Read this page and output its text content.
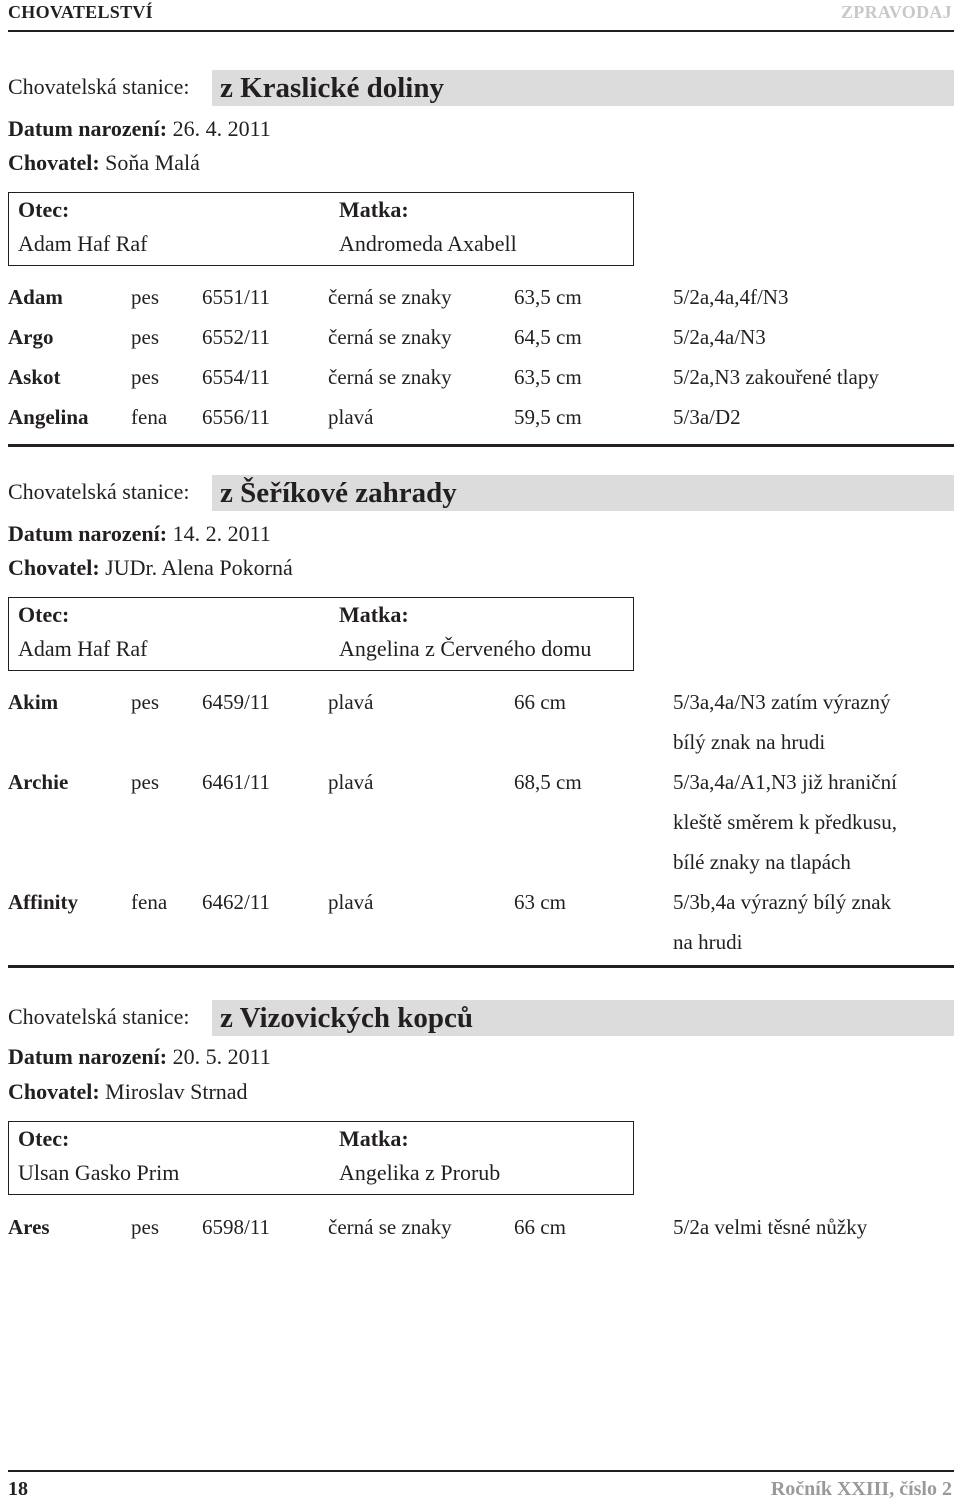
CHOVATELSTVÍ	ZPRAVODAJ
Chovatelská stanice: z Kraslické doliny
Datum narození: 26. 4. 2011
Chovatel: Soňa Malá
Otec:	Matka:
Adam Haf Raf	Andromeda Axabell
Adam	pes 6551/11	černá se znaky	63,5 cm	5/2a,4a,4f/N3
Argo	pes 6552/11	černá se znaky	64,5 cm	5/2a,4a/N3
Askot	pes 6554/11	černá se znaky	63,5 cm	5/2a,N3 zakouřené tlapy
Angelina fena 6556/11	plavá	59,5 cm	5/3a/D2
Chovatelská stanice: z Šeříkové zahrady
Datum narození: 14. 2. 2011
Chovatel: JUDr. Alena Pokorná
Otec:	Matka:
Adam Haf Raf	Angelina z Červeného domu
Akim	pes 6459/11	plavá	66 cm	5/3a,4a/N3 zatím výrazný
bílý znak na hrudi
Archie	pes 6461/11	plavá	68,5 cm	5/3a,4a/A1,N3 již hraniční
kleště směrem k předkusu,
bílé znaky na tlapách
Affinity	fena 6462/11	plavá	63 cm	5/3b,4a výrazný bílý znak
na hrudi
Chovatelská stanice: z Vizovických kopců
Datum narození: 20. 5. 2011
Chovatel: Miroslav Strnad
Otec:	Matka:
Ulsan Gasko Prim	Angelika z Prorub
Ares	pes 6598/11	černá se znaky	66 cm	5/2a velmi těsné nůžky
18	Ročník XXIII, číslo 2
